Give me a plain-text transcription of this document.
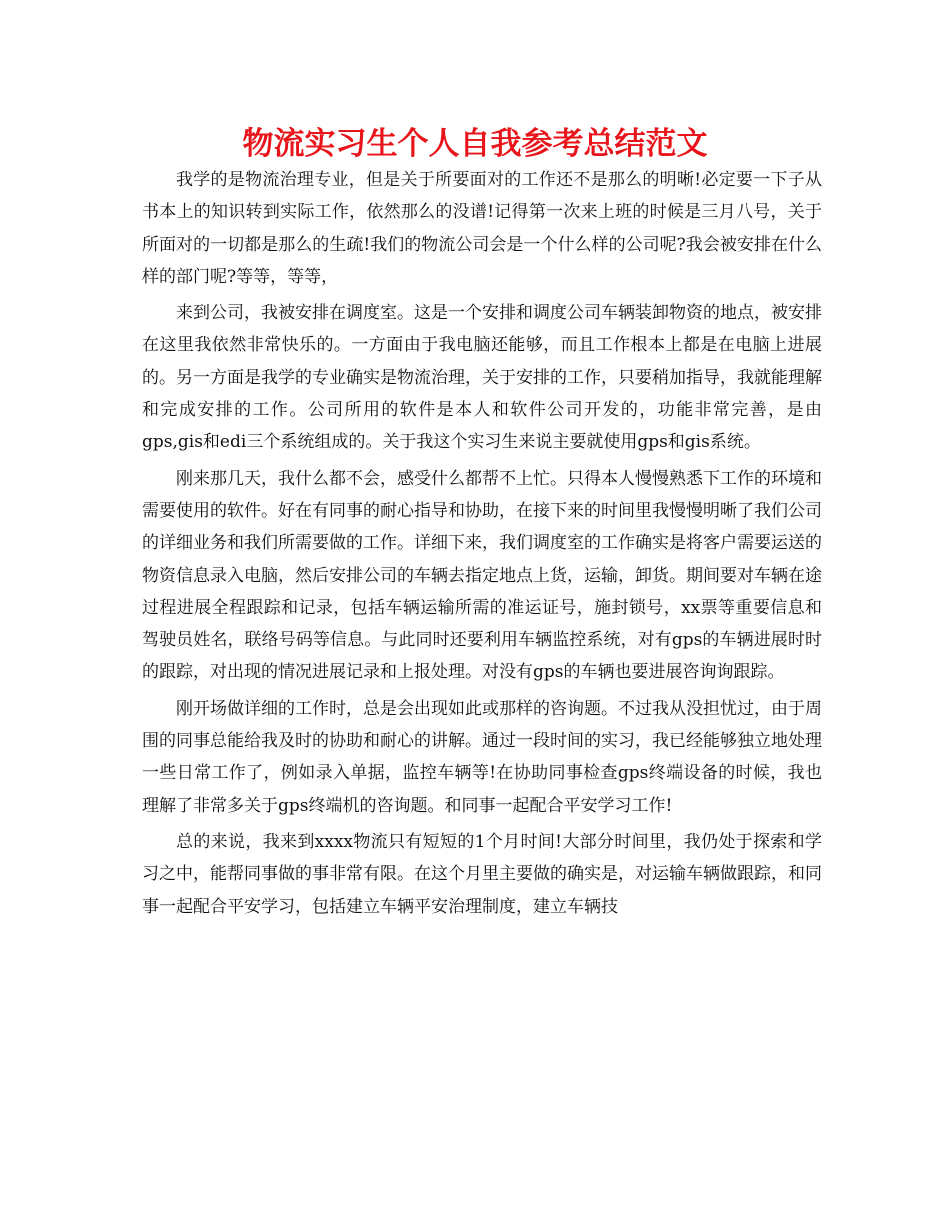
物流实习生个人自我参考总结范文

我学的是物流治理专业，但是关于所要面对的工作还不是那么的明晰!必定要一下子从书本上的知识转到实际工作，依然那么的没谱!记得第一次来上班的时候是三月八号，关于所面对的一切都是那么的生疏!我们的物流公司会是一个什么样的公司呢?我会被安排在什么样的部门呢?等等，等等，

来到公司，我被安排在调度室。这是一个安排和调度公司车辆装卸物资的地点，被安排在这里我依然非常快乐的。一方面由于我电脑还能够，而且工作根本上都是在电脑上进展的。另一方面是我学的专业确实是物流治理，关于安排的工作，只要稍加指导，我就能理解和完成安排的工作。公司所用的软件是本人和软件公司开发的，功能非常完善，是由gps,gis和edi三个系统组成的。关于我这个实习生来说主要就使用gps和gis系统。

刚来那几天，我什么都不会，感受什么都帮不上忙。只得本人慢慢熟悉下工作的环境和需要使用的软件。好在有同事的耐心指导和协助，在接下来的时间里我慢慢明晰了我们公司的详细业务和我们所需要做的工作。详细下来，我们调度室的工作确实是将客户需要运送的物资信息录入电脑，然后安排公司的车辆去指定地点上货，运输，卸货。期间要对车辆在途过程进展全程跟踪和记录，包括车辆运输所需的准运证号，施封锁号，xx票等重要信息和驾驶员姓名，联络号码等信息。与此同时还要利用车辆监控系统，对有gps的车辆进展时时的跟踪，对出现的情况进展记录和上报处理。对没有gps的车辆也要进展咨询询跟踪。

刚开场做详细的工作时，总是会出现如此或那样的咨询题。不过我从没担忧过，由于周围的同事总能给我及时的协助和耐心的讲解。通过一段时间的实习，我已经能够独立地处理一些日常工作了，例如录入单据，监控车辆等!在协助同事检查gps终端设备的时候，我也理解了非常多关于gps终端机的咨询题。和同事一起配合平安学习工作!

总的来说，我来到xxxx物流只有短短的1个月时间!大部分时间里，我仍处于探索和学习之中，能帮同事做的事非常有限。在这个月里主要做的确实是，对运输车辆做跟踪，和同事一起配合平安学习，包括建立车辆平安治理制度，建立车辆技
